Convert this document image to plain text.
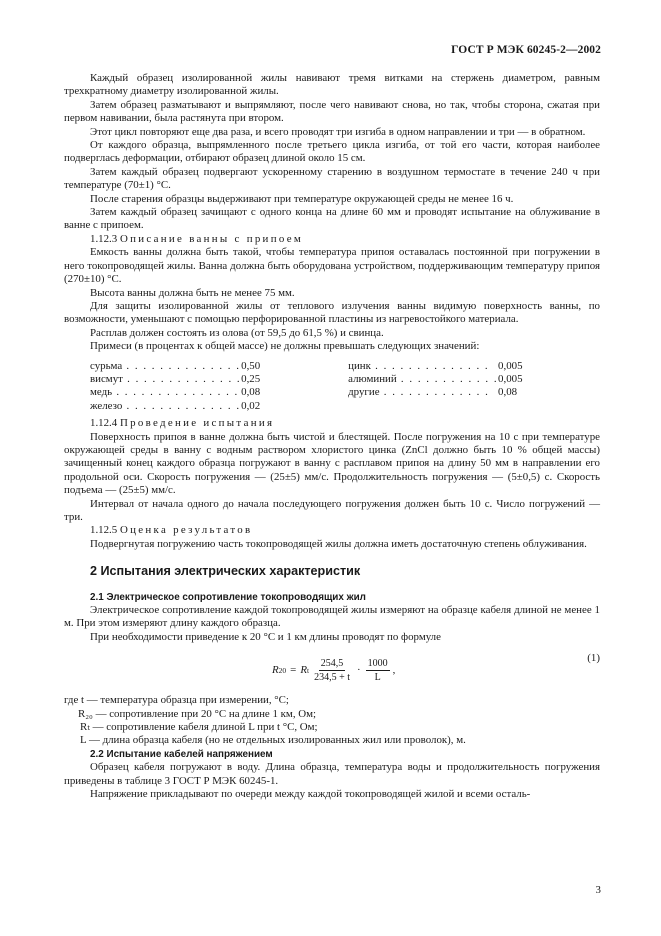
ГОСТ Р МЭК 60245-2—2002

Каждый образец изолированной жилы навивают тремя витками на стержень диаметром, равным трехкратному диаметру изолированной жилы.

Затем образец разматывают и выпрямляют, после чего навивают снова, но так, чтобы сторона, сжатая при первом навивании, была растянута при втором.

Этот цикл повторяют еще два раза, и всего проводят три изгиба в одном направлении и три — в обратном.

От каждого образца, выпрямленного после третьего цикла изгиба, от той его части, которая наиболее подверглась деформации, отбирают образец длиной около 15 см.

Затем каждый образец подвергают ускоренному старению в воздушном термостате в течение 240 ч при температуре (70±1) °С.

После старения образцы выдерживают при температуре окружающей среды не менее 16 ч.

Затем каждый образец зачищают с одного конца на длине 60 мм и проводят испытание на облуживание в ванне с припоем.

1.12.3 Описание ванны с припоем

Емкость ванны должна быть такой, чтобы температура припоя оставалась постоянной при погружении в него токопроводящей жилы. Ванна должна быть оборудована устройством, поддерживающим температуру припоя (270±10) °С.

Высота ванны должна быть не менее 75 мм.

Для защиты изолированной жилы от теплового излучения ванны видимую поверхность ванны, по возможности, уменьшают с помощью перфорированной пластины из нагревостойкого материала.

Расплав должен состоять из олова (от 59,5 до 61,5 %) и свинца.

Примеси (в процентах к общей массе) не должны превышать следующих значений:

сурьма . . . . . . . . . . . . . .	0,50	цинк . . . . . . . . . . . . . .	0,005
висмут . . . . . . . . . . . . . .	0,25	алюминий . . . . . . . . . . . .	0,005
медь . . . . . . . . . . . . . . .	0,08	другие . . . . . . . . . . . . .	0,08
железо . . . . . . . . . . . . . .	0,02		

1.12.4 Проведение испытания

Поверхность припоя в ванне должна быть чистой и блестящей. После погружения на 10 с при температуре окружающей среды в ванну с водным раствором хлористого цинка (ZnCl должно быть 10 % общей массы) зачищенный конец каждого образца погружают в ванну с расплавом припоя на длину 50 мм в направлении его продольной оси. Скорость погружения — (25±5) мм/с. Продолжительность погружения — (5±0,5) с. Скорость подъема — (25±5) мм/с.

Интервал от начала одного до начала последующего погружения должен быть 10 с. Число погружений — три.

1.12.5 Оценка результатов

Подвергнутая погружению часть токопроводящей жилы должна иметь достаточную степень облуживания.

2 Испытания электрических характеристик
2.1 Электрическое сопротивление токопроводящих жил

Электрическое сопротивление каждой токопроводящей жилы измеряют на образце кабеля длиной не менее 1 м. При этом измеряют длину каждого образца.

При необходимости приведение к 20 °С и 1 км длины проводят по формуле

R 20 = R t $\frac{254,5}{234,5 + t} \cdot \frac{1000}{L}$ ,
(1)
где t — температура образца при измерении, °С;
R₂₀ — сопротивление при 20 °С на длине 1 км, Ом;
Rₜ — сопротивление кабеля длиной L при t °С, Ом;
L — длина образца кабеля (но не отдельных изолированных жил или проволок), м.
2.2 Испытание кабелей напряжением

Образец кабеля погружают в воду. Длина образца, температура воды и продолжительность погружения приведены в таблице 3 ГОСТ Р МЭК 60245-1.

Напряжение прикладывают по очереди между каждой токопроводящей жилой и всеми осталь-

3
